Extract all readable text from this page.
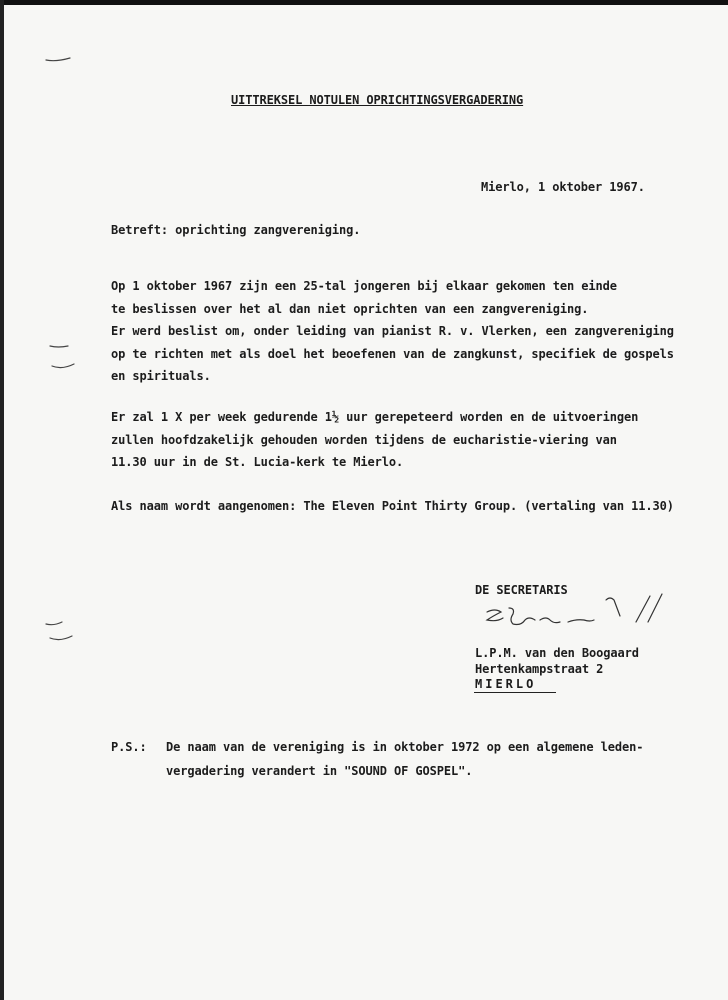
UITTREKSEL NOTULEN OPRICHTINGSVERGADERING
Mierlo, 1 oktober 1967.
Betreft: oprichting zangvereniging.
Op 1 oktober 1967 zijn een 25-tal jongeren bij elkaar gekomen ten einde
te beslissen over het al dan niet oprichten van een zangvereniging.
Er werd beslist om, onder leiding van pianist R. v. Vlerken, een zangvereniging
op te richten met als doel het beoefenen van de zangkunst, specifiek de gospels
en spirituals.
Er zal 1 X per week gedurende 1½ uur gerepeteerd worden en de uitvoeringen
zullen hoofdzakelijk gehouden worden tijdens de eucharistie-viering van
11.30 uur in de St. Lucia-kerk te Mierlo.
Als naam wordt aangenomen: The Eleven Point Thirty Group. (vertaling van 11.30)
DE SECRETARIS
L.P.M. van den Boogaard
Hertenkampstraat 2
MIERLO
P.S.: De naam van de vereniging is in oktober 1972 op een algemene leden-
vergadering verandert in "SOUND OF GOSPEL".
